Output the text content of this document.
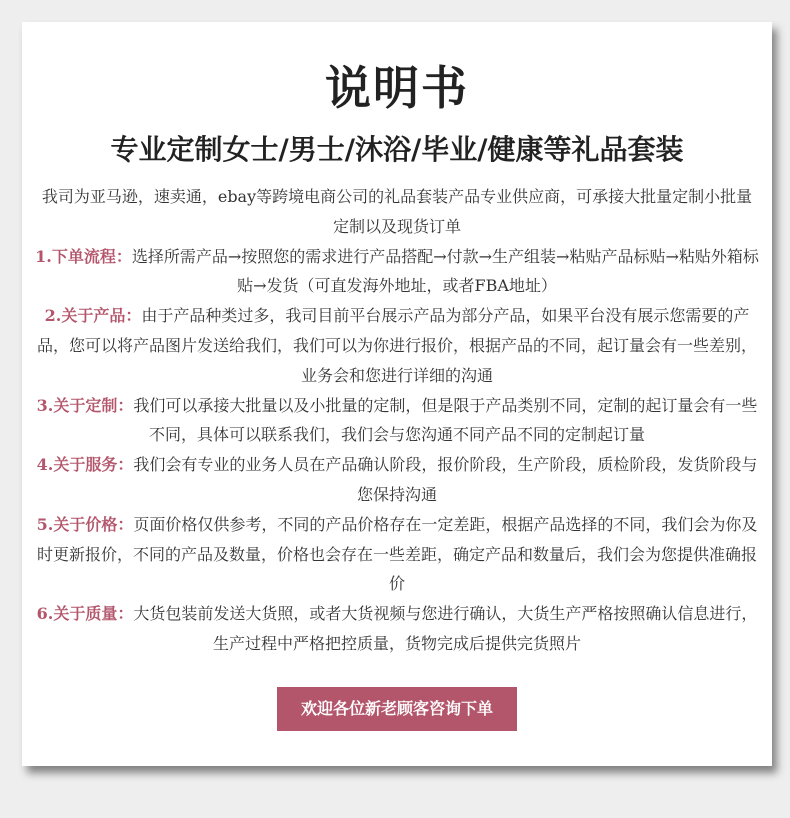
说明书
专业定制女士/男士/沐浴/毕业/健康等礼品套装

我司为亚马逊，速卖通，ebay等跨境电商公司的礼品套装产品专业供应商，可承接大批量定制小批量定制以及现货订单

1.下单流程：选择所需产品→按照您的需求进行产品搭配→付款→生产组装→粘贴产品标贴→粘贴外箱标贴→发货（可直发海外地址，或者FBA地址）

2.关于产品：由于产品种类过多，我司目前平台展示产品为部分产品，如果平台没有展示您需要的产品，您可以将产品图片发送给我们，我们可以为你进行报价，根据产品的不同，起订量会有一些差别，业务会和您进行详细的沟通

3.关于定制：我们可以承接大批量以及小批量的定制，但是限于产品类别不同，定制的起订量会有一些不同，具体可以联系我们，我们会与您沟通不同产品不同的定制起订量

4.关于服务：我们会有专业的业务人员在产品确认阶段，报价阶段，生产阶段，质检阶段，发货阶段与您保持沟通

5.关于价格：页面价格仅供参考，不同的产品价格存在一定差距，根据产品选择的不同，我们会为你及时更新报价，不同的产品及数量，价格也会存在一些差距，确定产品和数量后，我们会为您提供准确报价

6.关于质量：大货包装前发送大货照，或者大货视频与您进行确认，大货生产严格按照确认信息进行，生产过程中严格把控质量，货物完成后提供完货照片

欢迎各位新老顾客咨询下单
